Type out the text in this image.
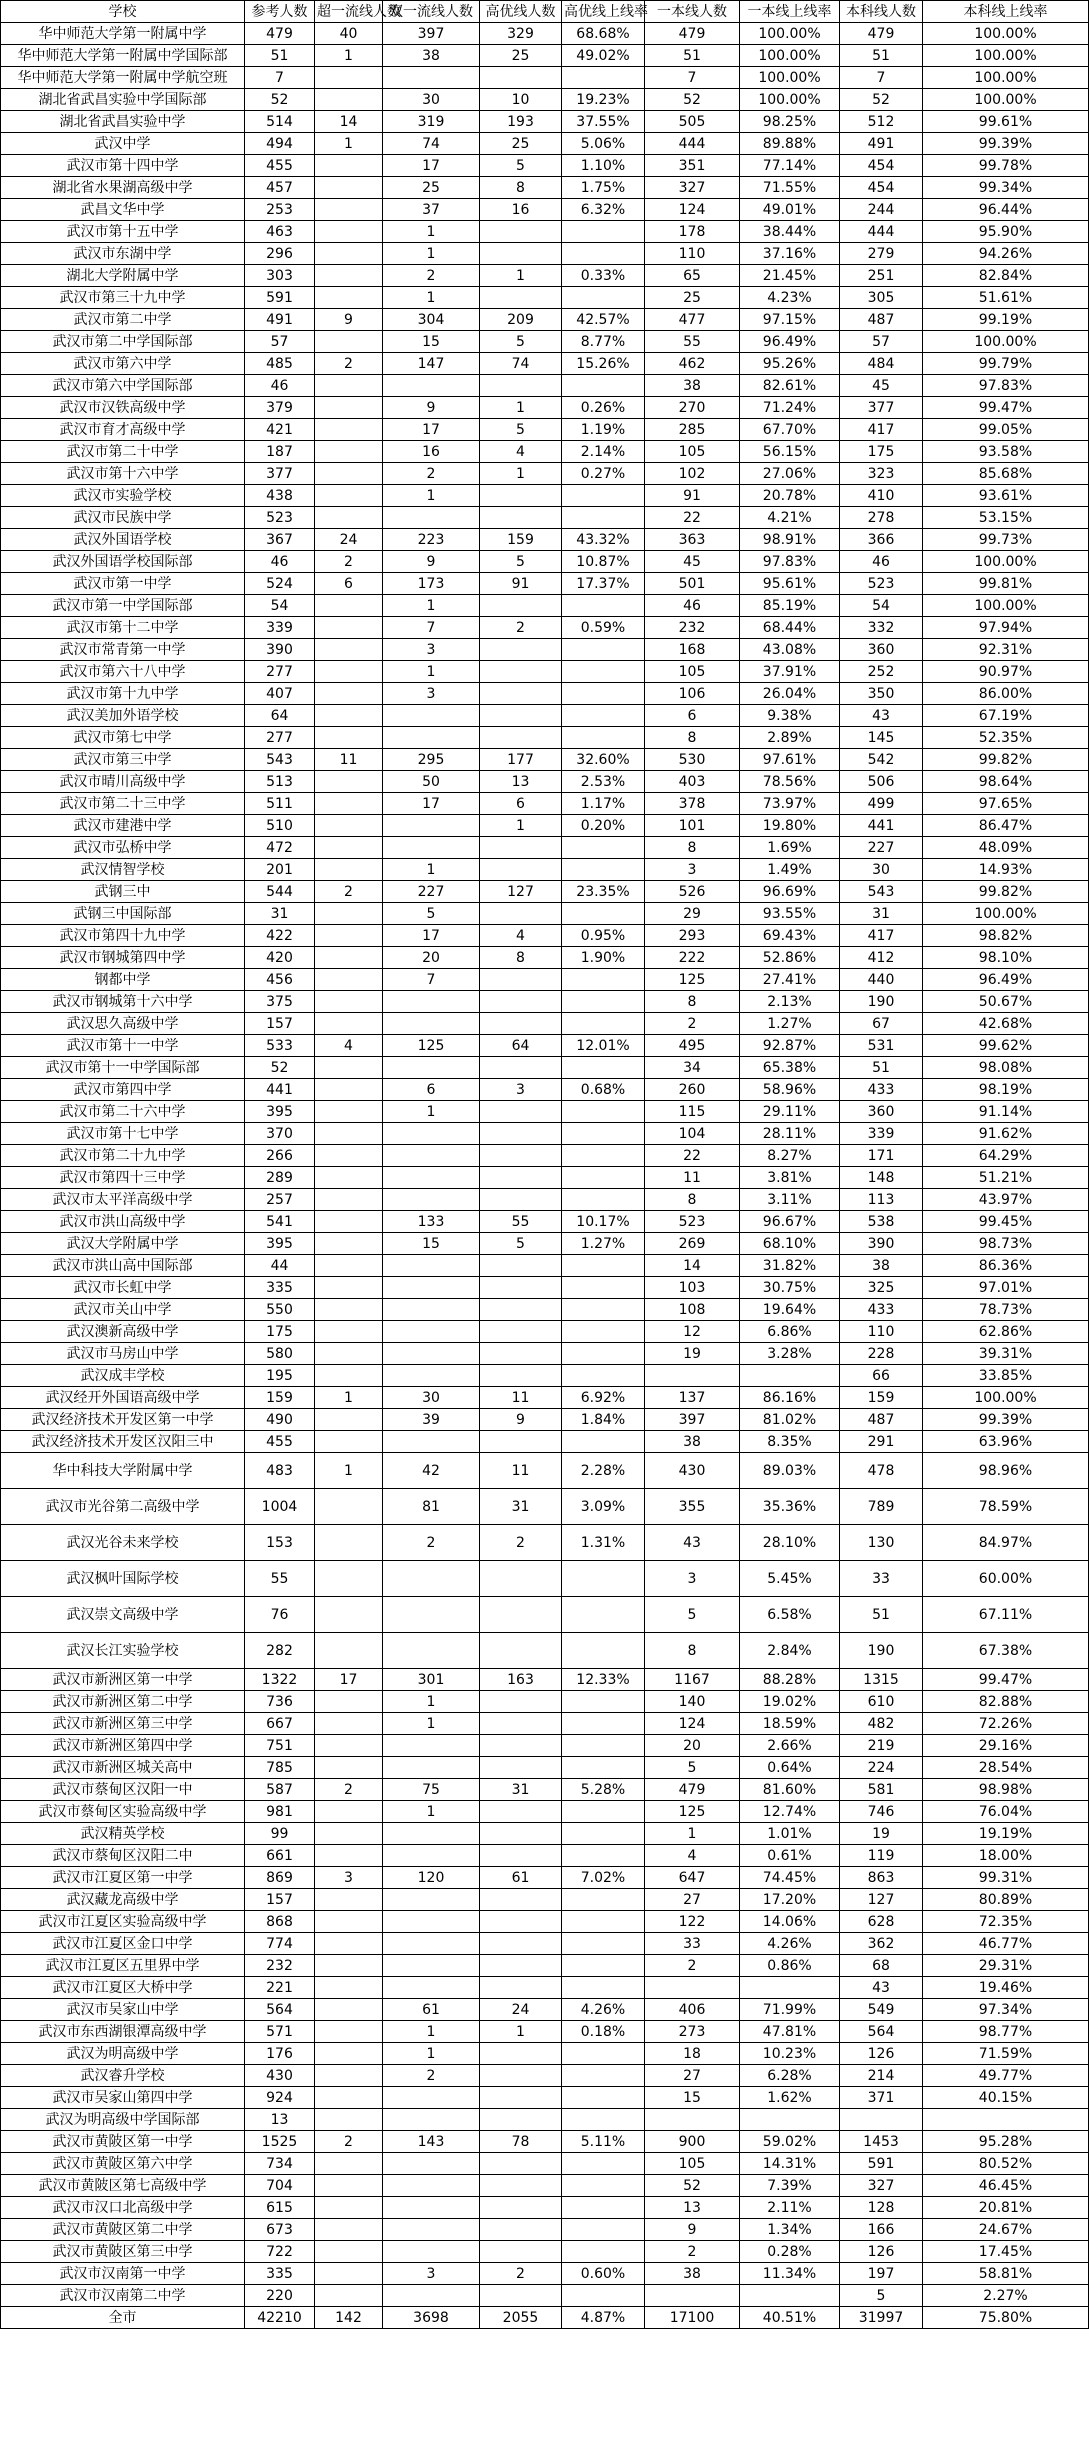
学校	参考人数	超一流线人数	双一流线人数	高优线人数	高优线上线率	一本线人数	一本线上线率	本科线人数	本科线上线率
华中师范大学第一附属中学	479	40	397	329	68.68%	479	100.00%	479	100.00%
华中师范大学第一附属中学国际部	51	1	38	25	49.02%	51	100.00%	51	100.00%
华中师范大学第一附属中学航空班	7					7	100.00%	7	100.00%
湖北省武昌实验中学国际部	52		30	10	19.23%	52	100.00%	52	100.00%
湖北省武昌实验中学	514	14	319	193	37.55%	505	98.25%	512	99.61%
武汉中学	494	1	74	25	5.06%	444	89.88%	491	99.39%
武汉市第十四中学	455		17	5	1.10%	351	77.14%	454	99.78%
湖北省水果湖高级中学	457		25	8	1.75%	327	71.55%	454	99.34%
武昌文华中学	253		37	16	6.32%	124	49.01%	244	96.44%
武汉市第十五中学	463		1			178	38.44%	444	95.90%
武汉市东湖中学	296		1			110	37.16%	279	94.26%
湖北大学附属中学	303		2	1	0.33%	65	21.45%	251	82.84%
武汉市第三十九中学	591		1			25	4.23%	305	51.61%
武汉市第二中学	491	9	304	209	42.57%	477	97.15%	487	99.19%
武汉市第二中学国际部	57		15	5	8.77%	55	96.49%	57	100.00%
武汉市第六中学	485	2	147	74	15.26%	462	95.26%	484	99.79%
武汉市第六中学国际部	46					38	82.61%	45	97.83%
武汉市汉铁高级中学	379		9	1	0.26%	270	71.24%	377	99.47%
武汉市育才高级中学	421		17	5	1.19%	285	67.70%	417	99.05%
武汉市第二十中学	187		16	4	2.14%	105	56.15%	175	93.58%
武汉市第十六中学	377		2	1	0.27%	102	27.06%	323	85.68%
武汉市实验学校	438		1			91	20.78%	410	93.61%
武汉市民族中学	523					22	4.21%	278	53.15%
武汉外国语学校	367	24	223	159	43.32%	363	98.91%	366	99.73%
武汉外国语学校国际部	46	2	9	5	10.87%	45	97.83%	46	100.00%
武汉市第一中学	524	6	173	91	17.37%	501	95.61%	523	99.81%
武汉市第一中学国际部	54		1			46	85.19%	54	100.00%
武汉市第十二中学	339		7	2	0.59%	232	68.44%	332	97.94%
武汉市常青第一中学	390		3			168	43.08%	360	92.31%
武汉市第六十八中学	277		1			105	37.91%	252	90.97%
武汉市第十九中学	407		3			106	26.04%	350	86.00%
武汉美加外语学校	64					6	9.38%	43	67.19%
武汉市第七中学	277					8	2.89%	145	52.35%
武汉市第三中学	543	11	295	177	32.60%	530	97.61%	542	99.82%
武汉市晴川高级中学	513		50	13	2.53%	403	78.56%	506	98.64%
武汉市第二十三中学	511		17	6	1.17%	378	73.97%	499	97.65%
武汉市建港中学	510			1	0.20%	101	19.80%	441	86.47%
武汉市弘桥中学	472					8	1.69%	227	48.09%
武汉情智学校	201		1			3	1.49%	30	14.93%
武钢三中	544	2	227	127	23.35%	526	96.69%	543	99.82%
武钢三中国际部	31		5			29	93.55%	31	100.00%
武汉市第四十九中学	422		17	4	0.95%	293	69.43%	417	98.82%
武汉市钢城第四中学	420		20	8	1.90%	222	52.86%	412	98.10%
钢都中学	456		7			125	27.41%	440	96.49%
武汉市钢城第十六中学	375					8	2.13%	190	50.67%
武汉思久高级中学	157					2	1.27%	67	42.68%
武汉市第十一中学	533	4	125	64	12.01%	495	92.87%	531	99.62%
武汉市第十一中学国际部	52					34	65.38%	51	98.08%
武汉市第四中学	441		6	3	0.68%	260	58.96%	433	98.19%
武汉市第二十六中学	395		1			115	29.11%	360	91.14%
武汉市第十七中学	370					104	28.11%	339	91.62%
武汉市第二十九中学	266					22	8.27%	171	64.29%
武汉市第四十三中学	289					11	3.81%	148	51.21%
武汉市太平洋高级中学	257					8	3.11%	113	43.97%
武汉市洪山高级中学	541		133	55	10.17%	523	96.67%	538	99.45%
武汉大学附属中学	395		15	5	1.27%	269	68.10%	390	98.73%
武汉市洪山高中国际部	44					14	31.82%	38	86.36%
武汉市长虹中学	335					103	30.75%	325	97.01%
武汉市关山中学	550					108	19.64%	433	78.73%
武汉澳新高级中学	175					12	6.86%	110	62.86%
武汉市马房山中学	580					19	3.28%	228	39.31%
武汉成丰学校	195							66	33.85%
武汉经开外国语高级中学	159	1	30	11	6.92%	137	86.16%	159	100.00%
武汉经济技术开发区第一中学	490		39	9	1.84%	397	81.02%	487	99.39%
武汉经济技术开发区汉阳三中	455					38	8.35%	291	63.96%
华中科技大学附属中学	483	1	42	11	2.28%	430	89.03%	478	98.96%
武汉市光谷第二高级中学	1004		81	31	3.09%	355	35.36%	789	78.59%
武汉光谷未来学校	153		2	2	1.31%	43	28.10%	130	84.97%
武汉枫叶国际学校	55					3	5.45%	33	60.00%
武汉崇文高级中学	76					5	6.58%	51	67.11%
武汉长江实验学校	282					8	2.84%	190	67.38%
武汉市新洲区第一中学	1322	17	301	163	12.33%	1167	88.28%	1315	99.47%
武汉市新洲区第二中学	736		1			140	19.02%	610	82.88%
武汉市新洲区第三中学	667		1			124	18.59%	482	72.26%
武汉市新洲区第四中学	751					20	2.66%	219	29.16%
武汉市新洲区城关高中	785					5	0.64%	224	28.54%
武汉市蔡甸区汉阳一中	587	2	75	31	5.28%	479	81.60%	581	98.98%
武汉市蔡甸区实验高级中学	981		1			125	12.74%	746	76.04%
武汉精英学校	99					1	1.01%	19	19.19%
武汉市蔡甸区汉阳二中	661					4	0.61%	119	18.00%
武汉市江夏区第一中学	869	3	120	61	7.02%	647	74.45%	863	99.31%
武汉藏龙高级中学	157					27	17.20%	127	80.89%
武汉市江夏区实验高级中学	868					122	14.06%	628	72.35%
武汉市江夏区金口中学	774					33	4.26%	362	46.77%
武汉市江夏区五里界中学	232					2	0.86%	68	29.31%
武汉市江夏区大桥中学	221							43	19.46%
武汉市吴家山中学	564		61	24	4.26%	406	71.99%	549	97.34%
武汉市东西湖银潭高级中学	571		1	1	0.18%	273	47.81%	564	98.77%
武汉为明高级中学	176		1			18	10.23%	126	71.59%
武汉睿升学校	430		2			27	6.28%	214	49.77%
武汉市吴家山第四中学	924					15	1.62%	371	40.15%
武汉为明高级中学国际部	13								
武汉市黄陂区第一中学	1525	2	143	78	5.11%	900	59.02%	1453	95.28%
武汉市黄陂区第六中学	734					105	14.31%	591	80.52%
武汉市黄陂区第七高级中学	704					52	7.39%	327	46.45%
武汉市汉口北高级中学	615					13	2.11%	128	20.81%
武汉市黄陂区第二中学	673					9	1.34%	166	24.67%
武汉市黄陂区第三中学	722					2	0.28%	126	17.45%
武汉市汉南第一中学	335		3	2	0.60%	38	11.34%	197	58.81%
武汉市汉南第二中学	220							5	2.27%
全市	42210	142	3698	2055	4.87%	17100	40.51%	31997	75.80%
